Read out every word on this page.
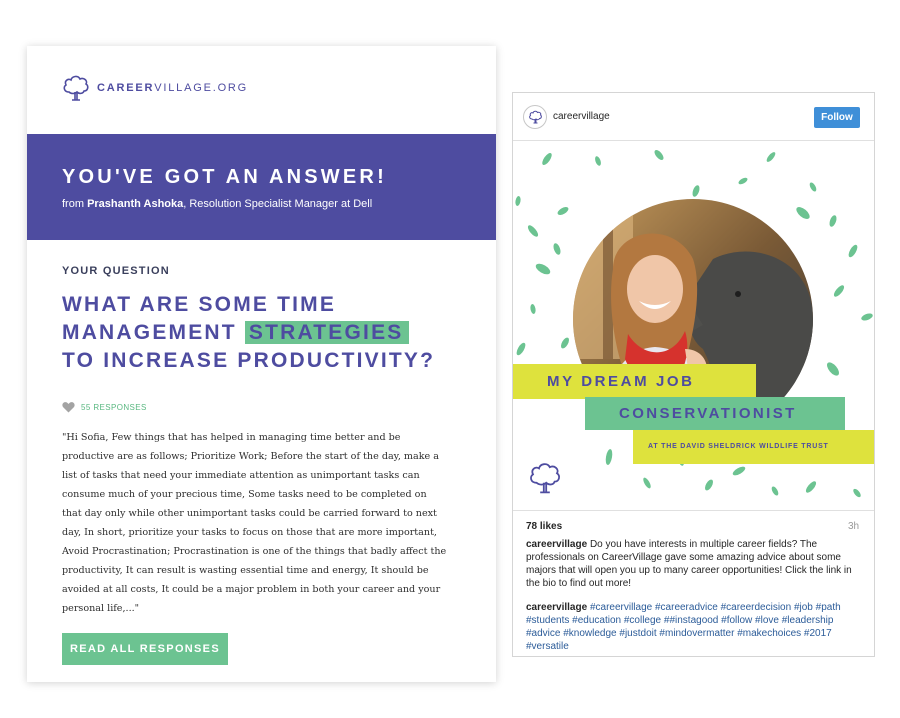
CAREERVILLAGE.ORG
YOU'VE GOT AN ANSWER!
from Prashanth Ashoka, Resolution Specialist Manager at Dell
YOUR QUESTION
WHAT ARE SOME TIME
MANAGEMENT STRATEGIES
TO INCREASE PRODUCTIVITY?
55 RESPONSES
"Hi Sofia, Few things that has helped in managing time better and be productive are as follows; Prioritize Work; Before the start of the day, make a list of tasks that need your immediate attention as unimportant tasks can consume much of your precious time, Some tasks need to be completed on that day only while other unimportant tasks could be carried forward to next day, In short, prioritize your tasks to focus on those that are more important, Avoid Procrastination; Procrastination is one of the things that badly affect the productivity, It can result is wasting essential time and energy, It should be avoided at all costs, It could be a major problem in both your career and your personal life,..."
READ ALL RESPONSES
careervillage	Follow
MY DREAM JOB
CONSERVATIONIST
AT THE DAVID SHELDRICK WILDLIFE TRUST
78 likes	3h
careervillage Do you have interests in multiple career fields? The professionals on CareerVillage gave some amazing advice about some majors that will open you up to many career opportunities! Click the link in the bio to find out more!
careervillage #careervillage #careeradvice #careerdecision #job #path #students #education #college ##instagood #follow #love #leadership #advice #knowledge #justdoit #mindovermatter #makechoices #2017 #versatile
